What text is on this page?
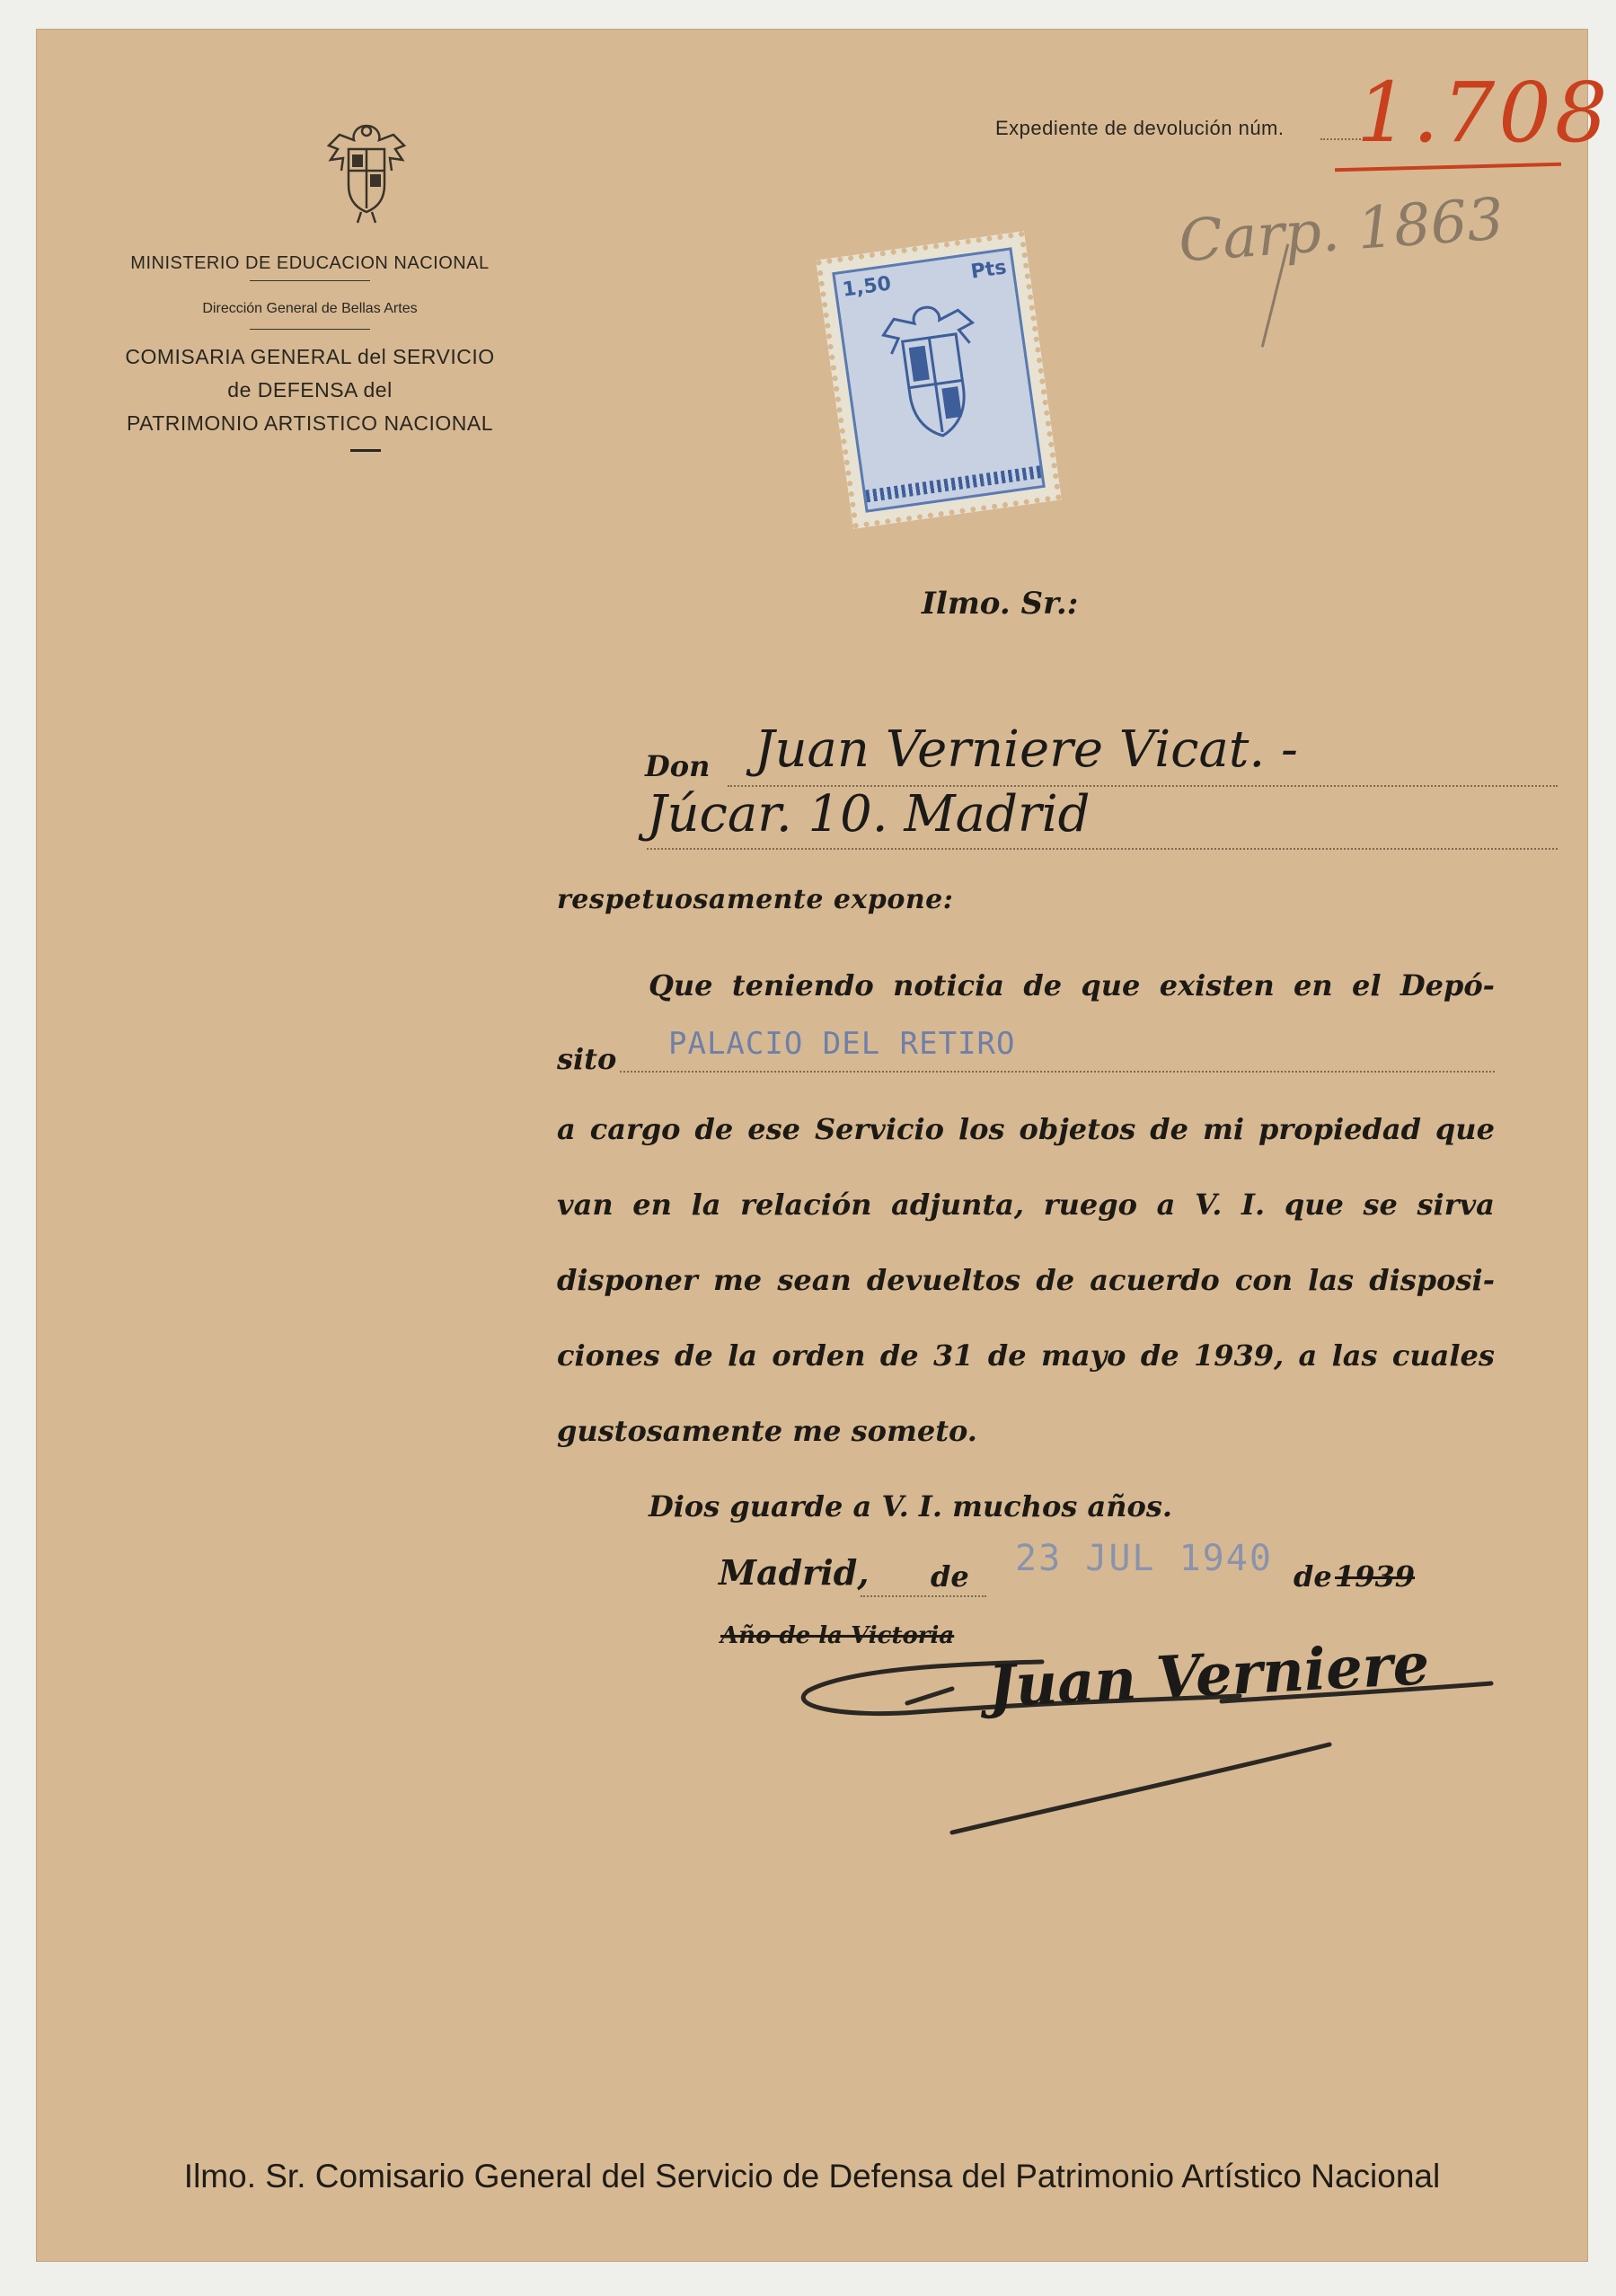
MINISTERIO DE EDUCACION NACIONAL
Dirección General de Bellas Artes
COMISARIA GENERAL del SERVICIO
de DEFENSA del
PATRIMONIO ARTISTICO NACIONAL
Expediente de devolución núm. 1.708
Carp. 1863
1,50
Pts
Ilmo. Sr.:
Don Juan Verniere Vicat. -
Júcar. 10. Madrid
respetuosamente expone:
Que teniendo noticia de que existen en el Depó-
sito PALACIO DEL RETIRO
a cargo de ese Servicio los objetos de mi propiedad que
van en la relación adjunta, ruego a V. I. que se sirva
disponer me sean devueltos de acuerdo con las disposi-
ciones de la orden de 31 de mayo de 1939, a las cuales
gustosamente me someto.
Dios guarde a V. I. muchos años.
Madrid, de 23 JUL 1940 de 1939
Año de la Victoria Juan Verniere
Ilmo. Sr. Comisario General del Servicio de Defensa del Patrimonio Artístico Nacional
